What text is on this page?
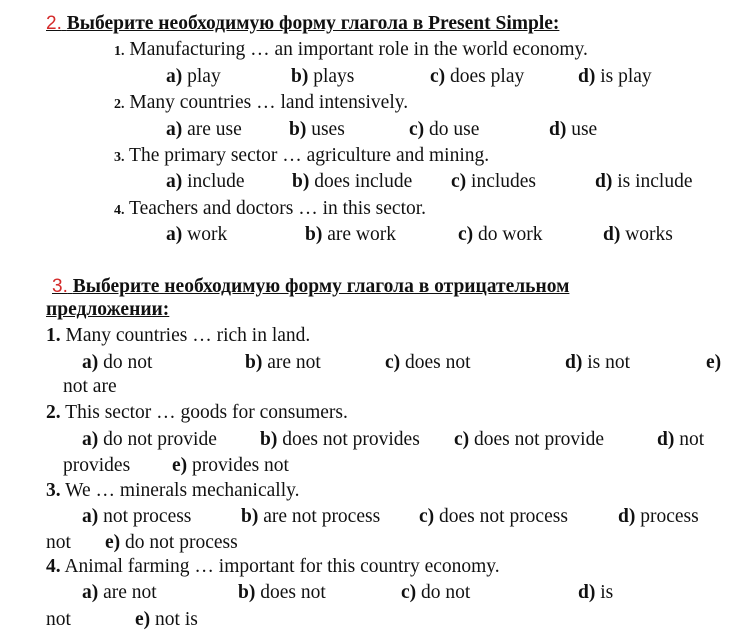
2. Выберите необходимую форму глагола в Present Simple:
1. Manufacturing … an important role in the world economy.
a) play	b) plays	c) does play	d) is play
2. Many countries … land intensively.
a) are use b) uses	c) do use	d) use
3. The primary sector … agriculture and mining.
a) include b) does include c) includes	d) is include
4. Teachers and doctors … in this sector.
a) work	b) are work	c) do work	d) works
3. Выберите необходимую форму глагола в отрицательном
предложении:
1. Many countries … rich in land.
a) do not	b) are not	c) does not	d) is not	e)
not are
2. This sector … goods for consumers.
a) do not provide b) does not provides c) does not provide	d) not
provides e) provides not
3. We … minerals mechanically.
a) not process	b) are not process c) does not process	d) process
not e) do not process
4. Animal farming … important for this country economy.
a) are not	b) does not	c) do not	d) is
not	e) not is
